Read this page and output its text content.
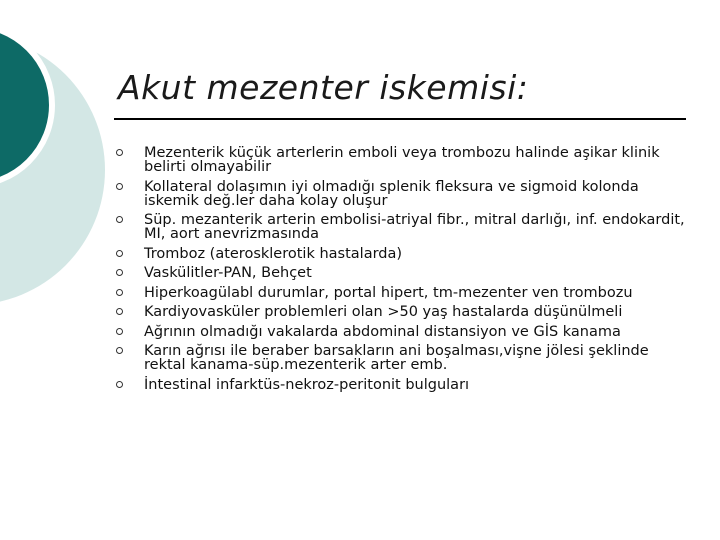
Akut mezenter iskemisi:
Mezenterik küçük arterlerin emboli veya trombozu halinde aşikar klinik belirti olmayabilir
Kollateral dolaşımın iyi olmadığı splenik fleksura ve sigmoid kolonda iskemik değ.ler daha kolay oluşur
Süp. mezanterik arterin embolisi-atriyal fibr., mitral darlığı, inf. endokardit, MI, aort anevrizmasında
Tromboz (aterosklerotik hastalarda)
Vaskülitler-PAN, Behçet
Hiperkoagülabl durumlar, portal hipert, tm-mezenter ven trombozu
Kardiyovasküler problemleri olan >50 yaş hastalarda düşünülmeli
Ağrının olmadığı vakalarda abdominal distansiyon ve GİS kanama
Karın ağrısı ile beraber barsakların ani boşalması,vişne jölesi şeklinde rektal kanama-süp.mezenterik arter emb.
İntestinal infarktüs-nekroz-peritonit bulguları
